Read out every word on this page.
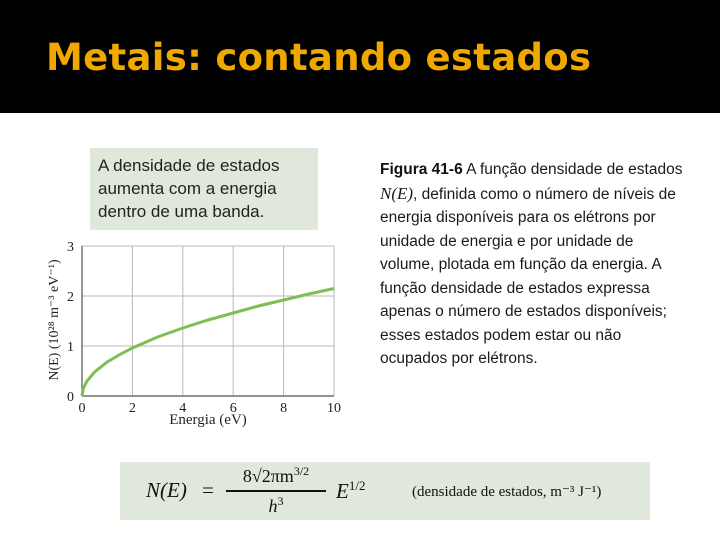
Metais: contando estados
A densidade de estados aumenta com a energia dentro de uma banda.
Figura 41-6 A função densidade de estados N(E), definida como o número de níveis de energia disponíveis para os elétrons por unidade de energia e por unidade de volume, plotada em função da energia. A função densidade de estados expressa apenas o número de estados disponíveis; esses estados podem estar ou não ocupados por elétrons.
0	2	4	6	8	10
0
1
2
3
Energia (eV)
N(E) (10²⁸ m⁻³ eV⁻¹)
N(E) =
$8√2\pi m^{3/2}$
$h^3$	$E^{1/2}$	(densidade de estados, m⁻³ J⁻¹)
